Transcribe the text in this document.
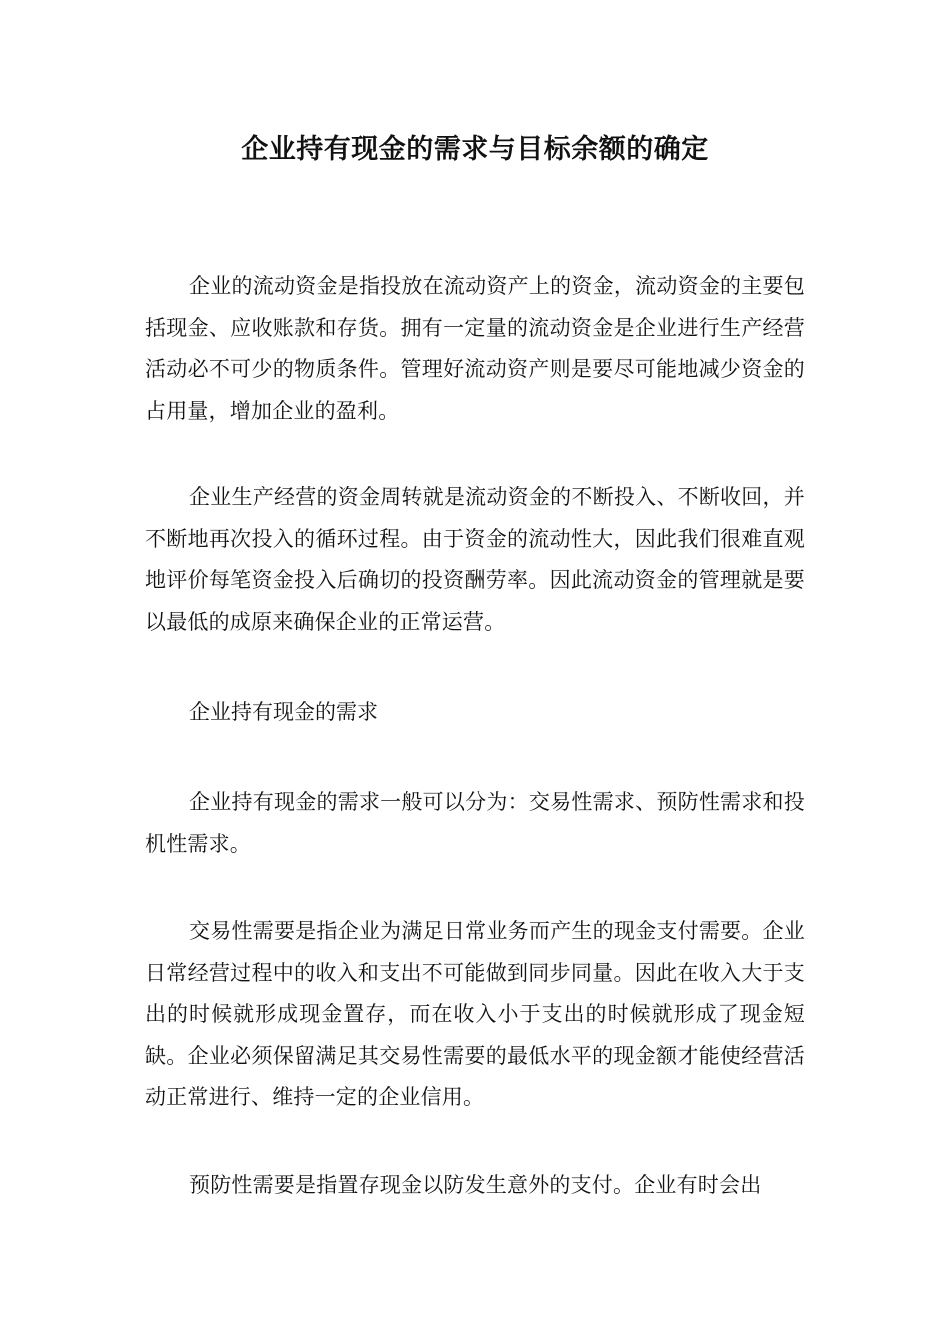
企业持有现金的需求与目标余额的确定

企业的流动资金是指投放在流动资产上的资金，流动资金的主要包括现金、应收账款和存货。拥有一定量的流动资金是企业进行生产经营活动必不可少的物质条件。管理好流动资产则是要尽可能地减少资金的占用量，增加企业的盈利。

企业生产经营的资金周转就是流动资金的不断投入、不断收回，并不断地再次投入的循环过程。由于资金的流动性大，因此我们很难直观地评价每笔资金投入后确切的投资酬劳率。因此流动资金的管理就是要以最低的成原来确保企业的正常运营。

企业持有现金的需求

企业持有现金的需求一般可以分为：交易性需求、预防性需求和投机性需求。

交易性需要是指企业为满足日常业务而产生的现金支付需要。企业日常经营过程中的收入和支出不可能做到同步同量。因此在收入大于支出的时候就形成现金置存，而在收入小于支出的时候就形成了现金短缺。企业必须保留满足其交易性需要的最低水平的现金额才能使经营活动正常进行、维持一定的企业信用。

预防性需要是指置存现金以防发生意外的支付。企业有时会出
